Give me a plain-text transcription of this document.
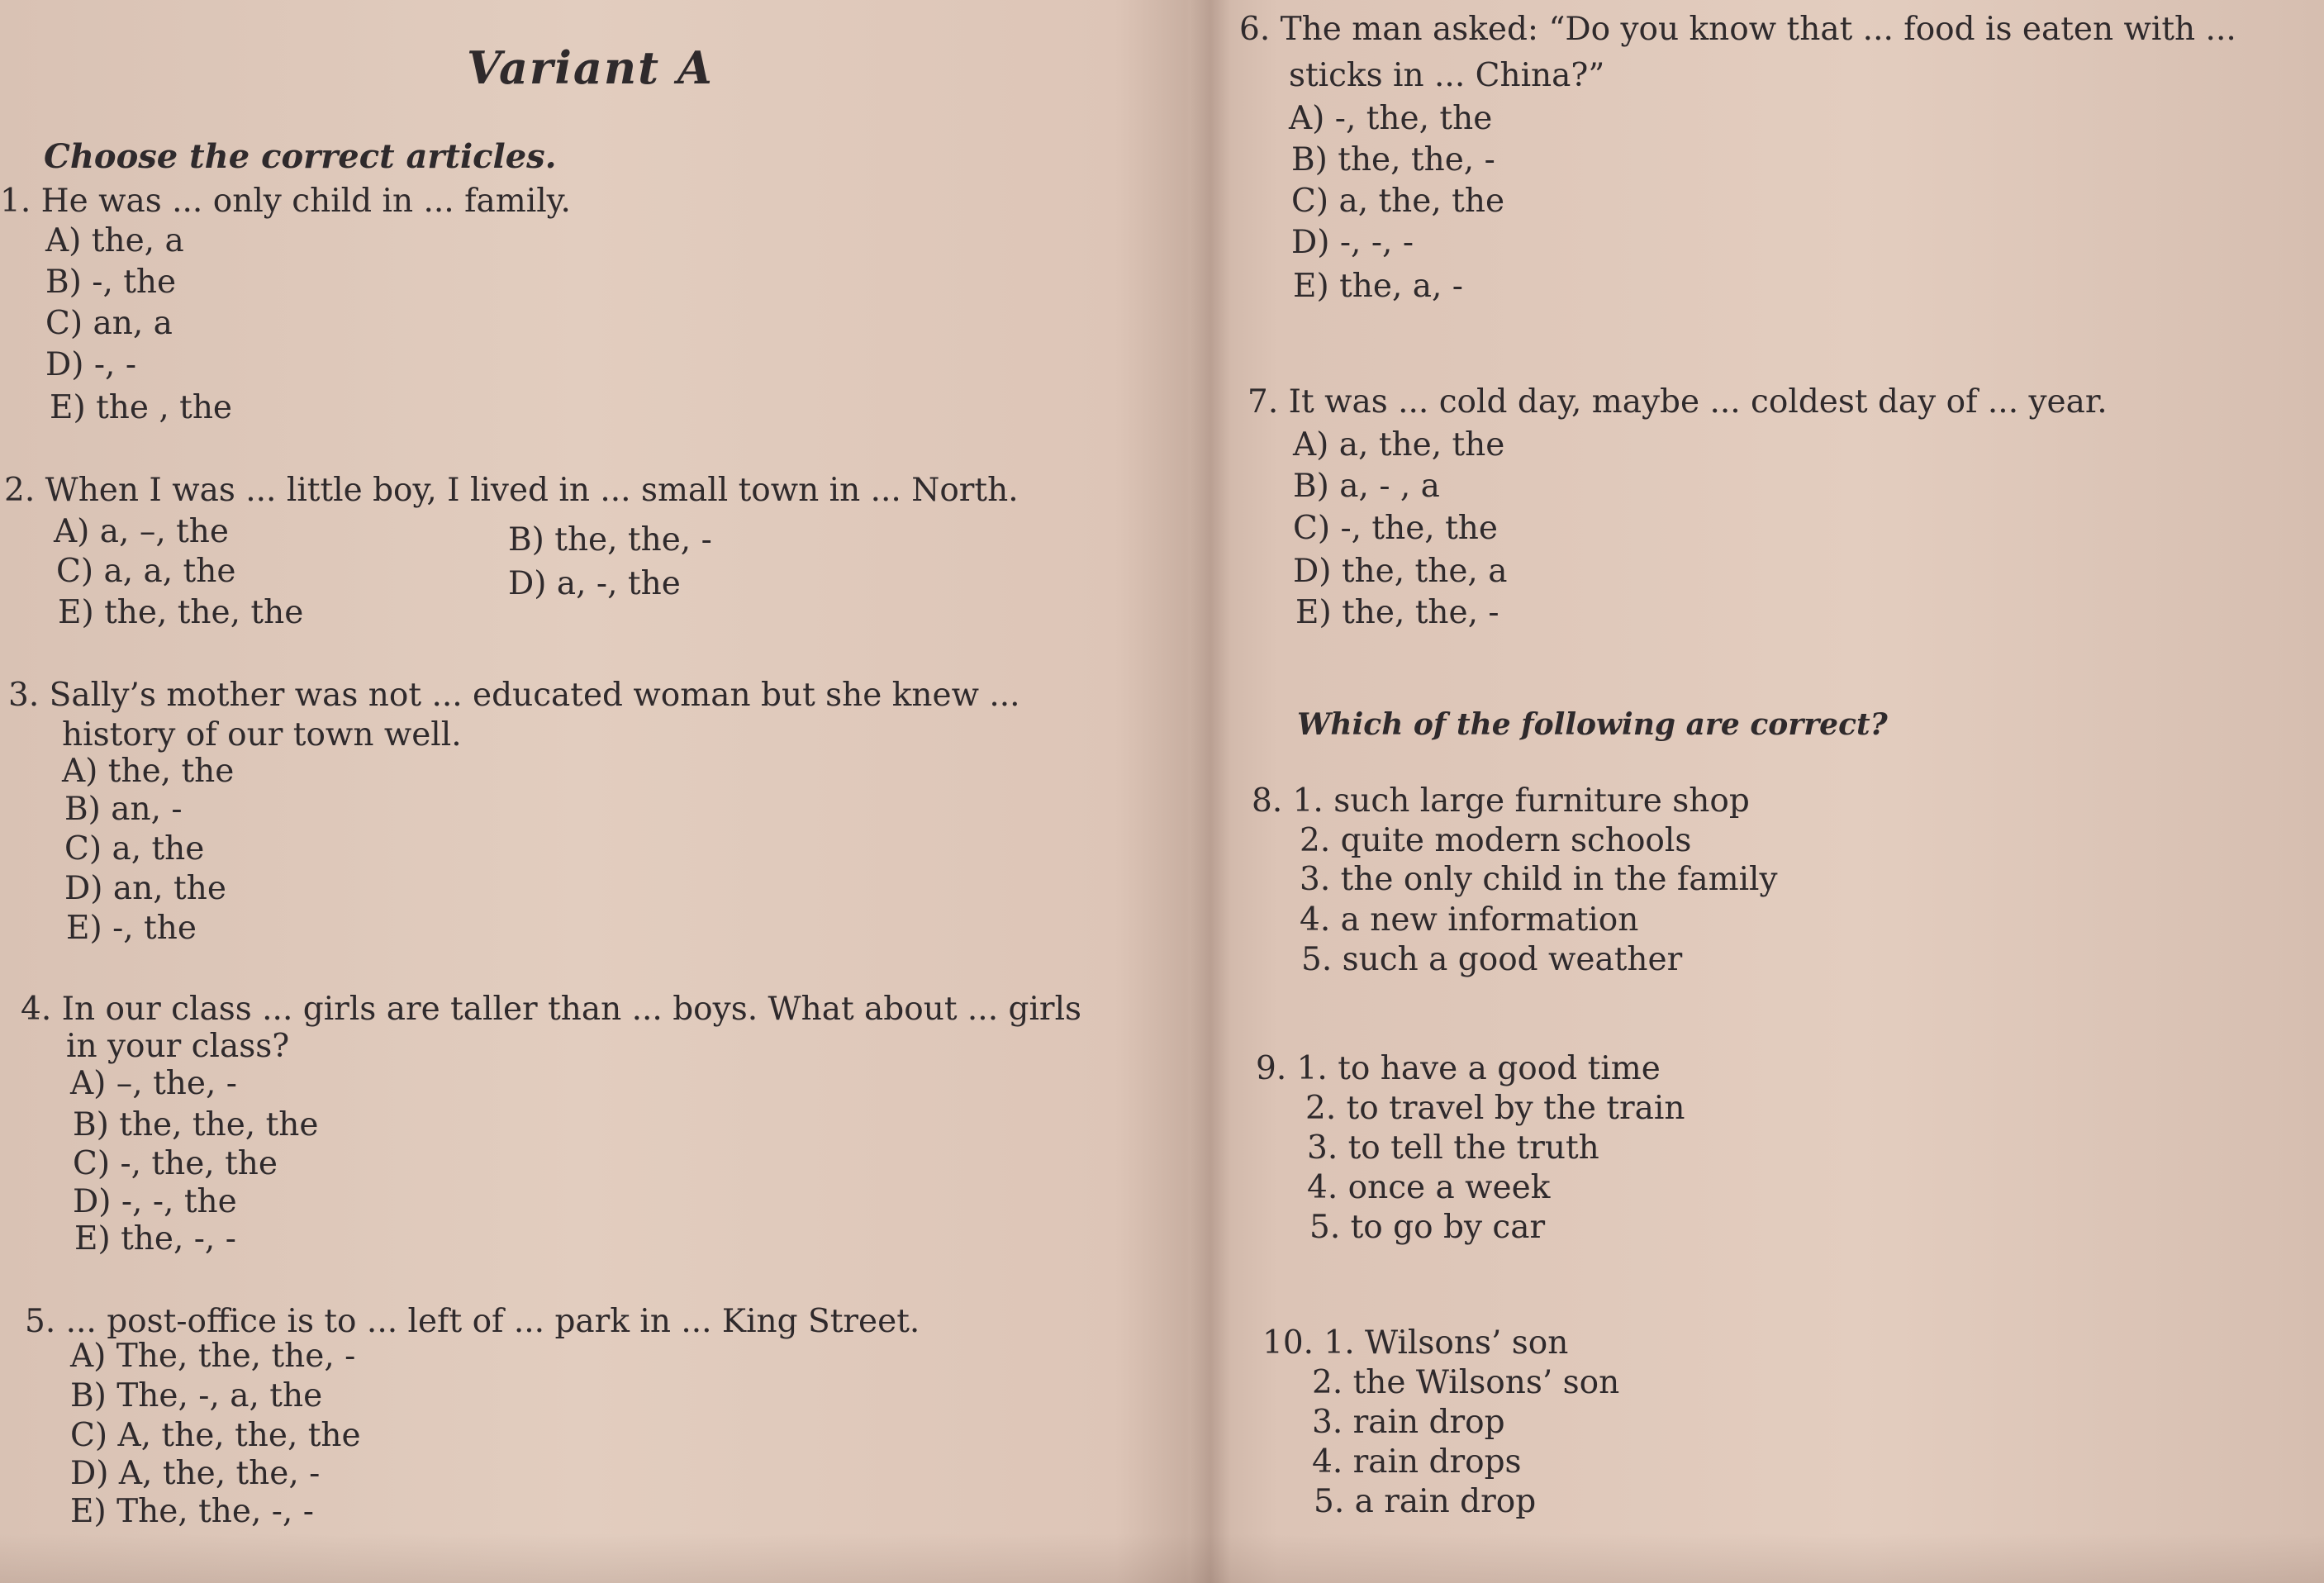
Variant A
Choose the correct articles.
1. He was ... only child in ... family.
A) the, a
B) -, the
C) an, a
D) -, -
E) the , the
2. When I was ... little boy, I lived in ... small town in ... North.
A) a, –, the	B) the, the, -
C) a, a, the	D) a, -, the
E) the, the, the
3. Sally’s mother was not ... educated woman but she knew ...
history of our town well.
A) the, the
B) an, -
C) a, the
D) an, the
E) -, the
4. In our class ... girls are taller than ... boys. What about ... girls
in your class?
A) –, the, -
B) the, the, the
C) -, the, the
D) -, -, the
E) the, -, -
5. ... post-office is to ... left of ... park in ... King Street.
A) The, the, the, -
B) The, -, a, the
C) A, the, the, the
D) A, the, the, -
E) The, the, -, -
6. The man asked: “Do you know that ... food is eaten with ...
sticks in ... China?”
A) -, the, the
B) the, the, -
C) a, the, the
D) -, -, -
E) the, a, -
7. It was ... cold day, maybe ... coldest day of ... year.
A) a, the, the
B) a, - , a
C) -, the, the
D) the, the, a
E) the, the, -
Which of the following are correct?
8. 1. such large furniture shop
2. quite modern schools
3. the only child in the family
4. a new information
5. such a good weather
9. 1. to have a good time
2. to travel by the train
3. to tell the truth
4. once a week
5. to go by car
10. 1. Wilsons’ son
2. the Wilsons’ son
3. rain drop
4. rain drops
5. a rain drop
